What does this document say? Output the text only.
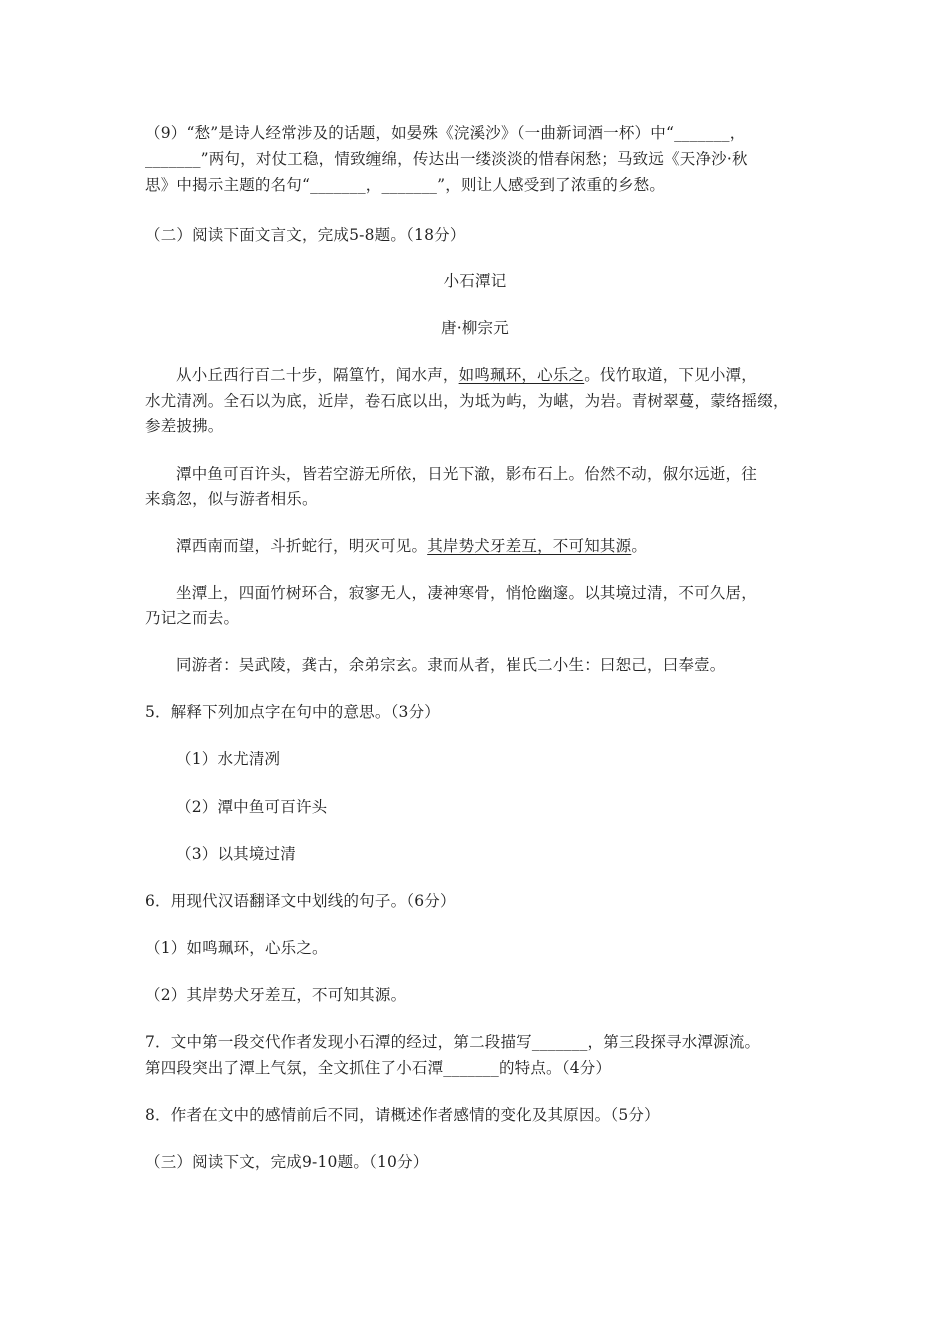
（9）“愁”是诗人经常涉及的话题，如晏殊《浣溪沙》（一曲新词酒一杯）中“_______，
_______”两句，对仗工稳，情致缠绵，传达出一缕淡淡的惜春闲愁；马致远《天净沙·秋
思》中揭示主题的名句“_______，_______”，则让人感受到了浓重的乡愁。
（二）阅读下面文言文，完成5-8题。（18分）
小石潭记
唐·柳宗元
从小丘西行百二十步，隔篁竹，闻水声，如鸣珮环，心乐之。伐竹取道，下见小潭，
水尤清冽。全石以为底，近岸，卷石底以出，为坻为屿，为嵁，为岩。青树翠蔓，蒙络摇缀，
参差披拂。
潭中鱼可百许头，皆若空游无所依，日光下澈，影布石上。佁然不动，俶尔远逝，往
来翕忽，似与游者相乐。
潭西南而望，斗折蛇行，明灭可见。其岸势犬牙差互，不可知其源。
坐潭上，四面竹树环合，寂寥无人，凄神寒骨，悄怆幽邃。以其境过清，不可久居，
乃记之而去。
同游者：吴武陵，龚古，余弟宗玄。隶而从者，崔氏二小生：曰恕己，曰奉壹。
5．解释下列加点字在句中的意思。（3分）
（1）水尤清冽
（2）潭中鱼可百许头
（3）以其境过清
6．用现代汉语翻译文中划线的句子。（6分）
（1）如鸣珮环，心乐之。
（2）其岸势犬牙差互，不可知其源。
7．文中第一段交代作者发现小石潭的经过，第二段描写_______，第三段探寻水潭源流。
第四段突出了潭上气氛，全文抓住了小石潭_______的特点。（4分）
8．作者在文中的感情前后不同，请概述作者感情的变化及其原因。（5分）
（三）阅读下文，完成9-10题。（10分）
